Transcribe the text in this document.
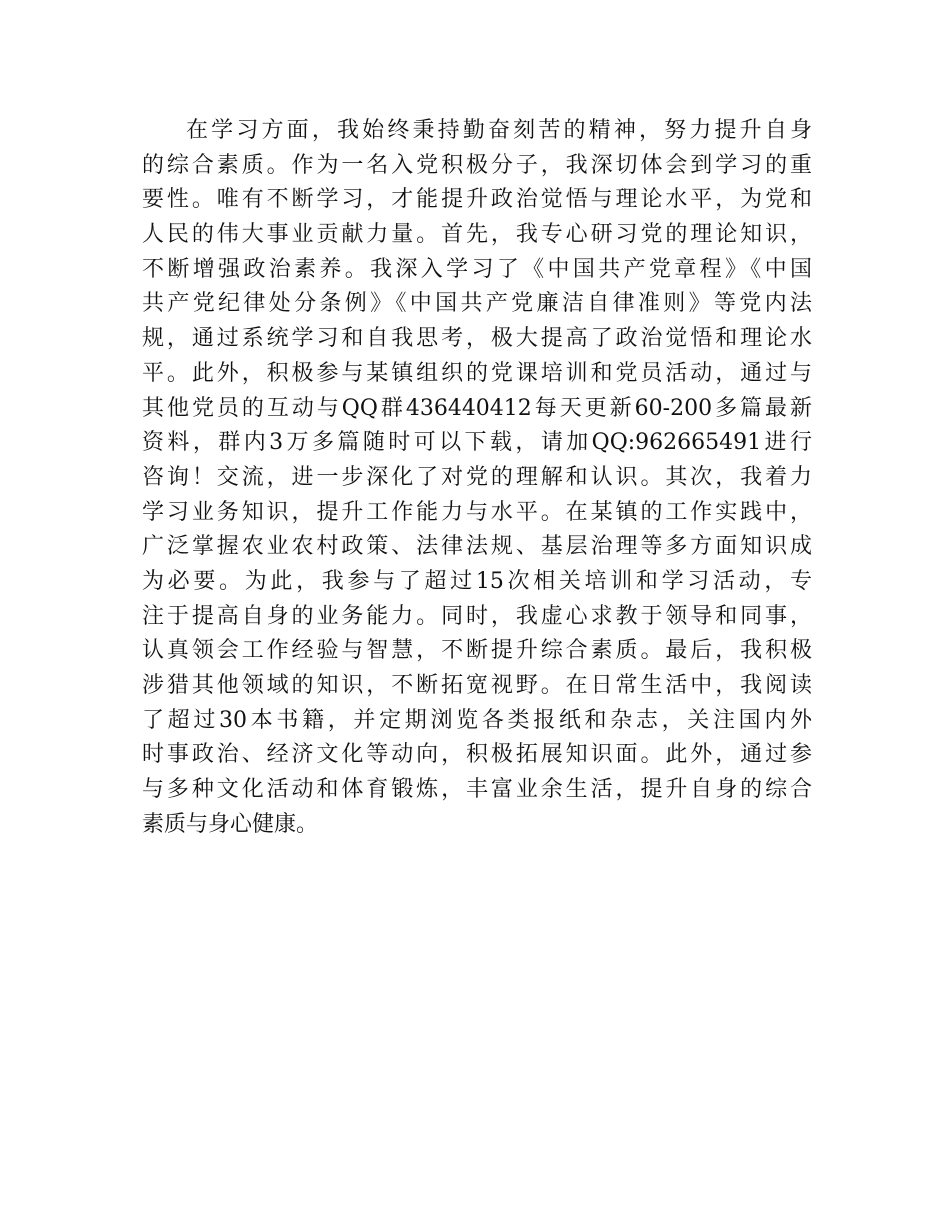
在学习方面，我始终秉持勤奋刻苦的精神，努力提升自身
的综合素质。作为一名入党积极分子，我深切体会到学习的重
要性。唯有不断学习，才能提升政治觉悟与理论水平，为党和
人民的伟大事业贡献力量。首先，我专心研习党的理论知识，
不断增强政治素养。我深入学习了《中国共产党章程》《中国
共产党纪律处分条例》《中国共产党廉洁自律准则》等党内法
规，通过系统学习和自我思考，极大提高了政治觉悟和理论水
平。此外，积极参与某镇组织的党课培训和党员活动，通过与
其他党员的互动与QQ群436440412每天更新60-200多篇最新
资料，群内3万多篇随时可以下载，请加QQ:962665491进行
咨询！交流，进一步深化了对党的理解和认识。其次，我着力
学习业务知识，提升工作能力与水平。在某镇的工作实践中，
广泛掌握农业农村政策、法律法规、基层治理等多方面知识成
为必要。为此，我参与了超过15次相关培训和学习活动，专
注于提高自身的业务能力。同时，我虚心求教于领导和同事，
认真领会工作经验与智慧，不断提升综合素质。最后，我积极
涉猎其他领域的知识，不断拓宽视野。在日常生活中，我阅读
了超过30本书籍，并定期浏览各类报纸和杂志，关注国内外
时事政治、经济文化等动向，积极拓展知识面。此外，通过参
与多种文化活动和体育锻炼，丰富业余生活，提升自身的综合
素质与身心健康。
